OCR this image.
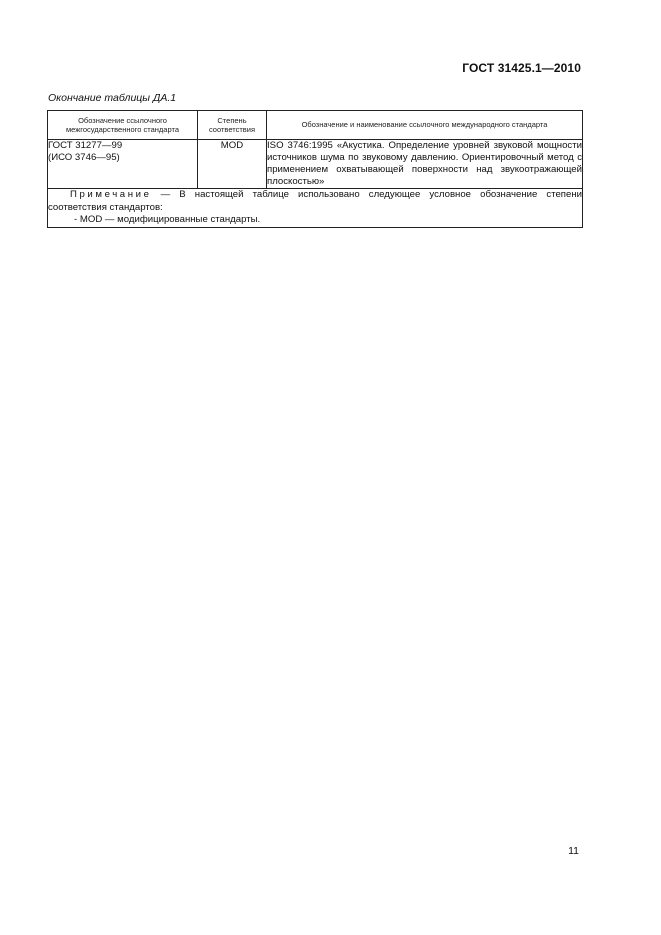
ГОСТ 31425.1—2010
Окончание таблицы ДА.1
Обозначение ссылочного межгосударственного стандарта	Степень соответствия	Обозначение и наименование ссылочного международного стандарта

ГОСТ 31277—99
(ИСО 3746—95)	MOD	ISO 3746:1995 «Акустика. Определение уровней звуковой мощности источников шума по звуковому давлению. Ориентировочный метод с применением охватывающей поверхности над звукоотражающей плоскостью»

Примечание — В настоящей таблице использовано следующее условное обозначение степени соответствия стандартов:
- MOD — модифицированные стандарты.		
11
